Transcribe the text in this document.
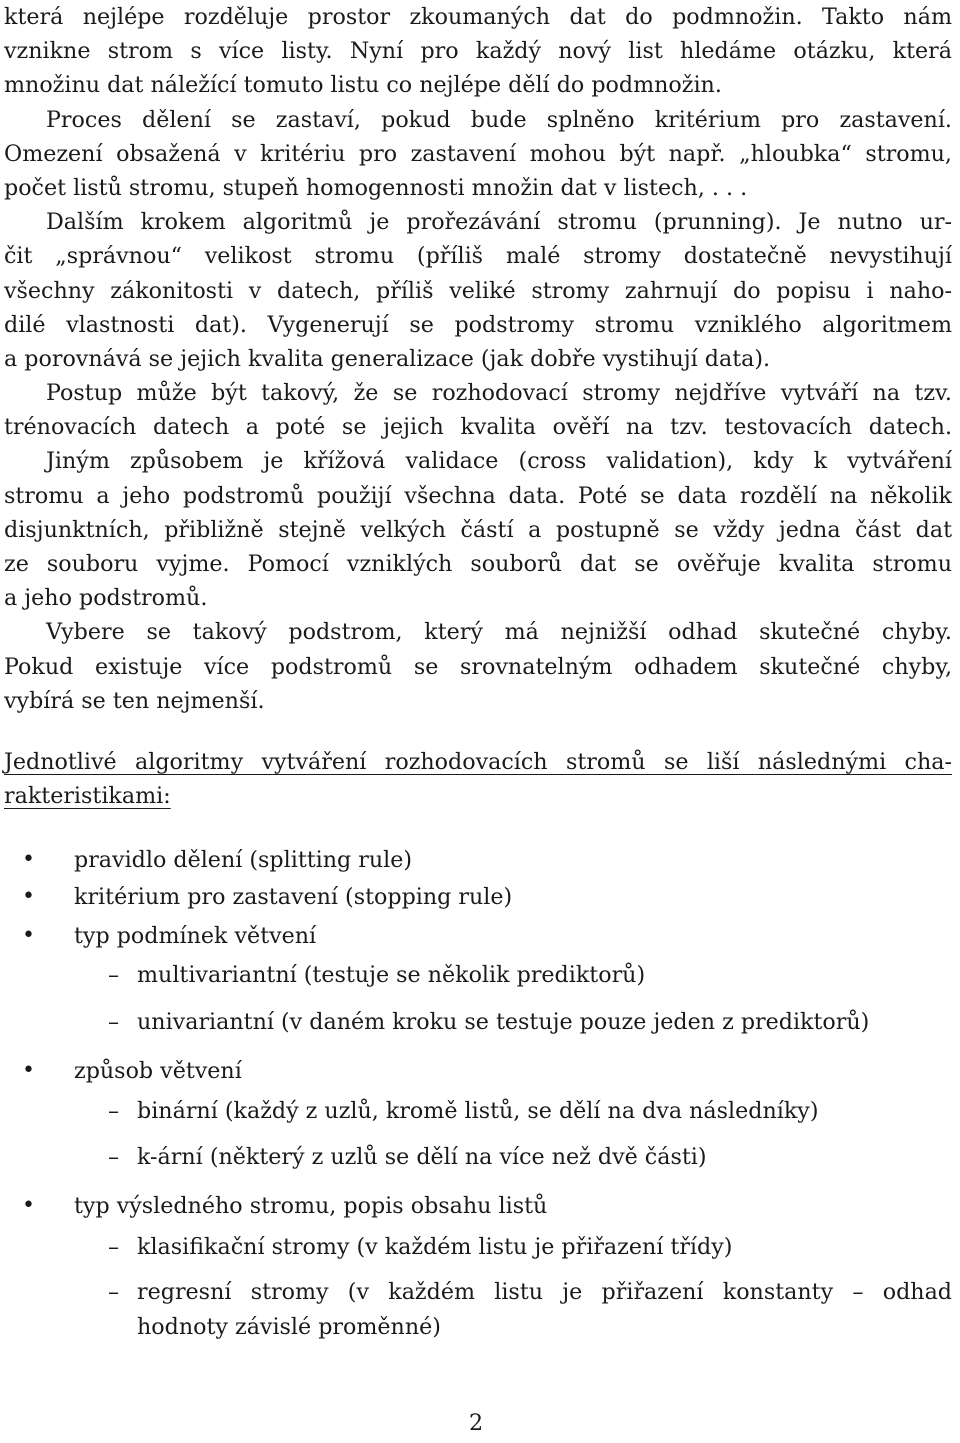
která nejlépe rozděluje prostor zkoumaných dat do podmnožin. Takto nám
vznikne strom s více listy. Nyní pro každý nový list hledáme otázku, která
množinu dat náležící tomuto listu co nejlépe dělí do podmnožin.
Proces dělení se zastaví, pokud bude splněno kritérium pro zastavení.
Omezení obsažená v kritériu pro zastavení mohou být např. „hloubka“ stromu,
počet listů stromu, stupeň homogennosti množin dat v listech, . . .
Dalším krokem algoritmů je prořezávání stromu (prunning). Je nutno ur-
čit „správnou“ velikost stromu (příliš malé stromy dostatečně nevystihují
všechny zákonitosti v datech, příliš veliké stromy zahrnují do popisu i naho-
dilé vlastnosti dat). Vygenerují se podstromy stromu vzniklého algoritmem
a porovnává se jejich kvalita generalizace (jak dobře vystihují data).
Postup může být takový, že se rozhodovací stromy nejdříve vytváří na tzv.
trénovacích datech a poté se jejich kvalita ověří na tzv. testovacích datech.
Jiným způsobem je křížová validace (cross validation), kdy k vytváření
stromu a jeho podstromů použijí všechna data. Poté se data rozdělí na několik
disjunktních, přibližně stejně velkých částí a postupně se vždy jedna část dat
ze souboru vyjme. Pomocí vzniklých souborů dat se ověřuje kvalita stromu
a jeho podstromů.
Vybere se takový podstrom, který má nejnižší odhad skutečné chyby.
Pokud existuje více podstromů se srovnatelným odhadem skutečné chyby,
vybírá se ten nejmenší.
Jednotlivé algoritmy vytváření rozhodovacích stromů se liší následnými cha-
rakteristikami:
• pravidlo dělení (splitting rule)
• kritérium pro zastavení (stopping rule)
• typ podmínek větvení
– multivariantní (testuje se několik prediktorů)
– univariantní (v daném kroku se testuje pouze jeden z prediktorů)
• způsob větvení
– binární (každý z uzlů, kromě listů, se dělí na dva následníky)
– k-ární (některý z uzlů se dělí na více než dvě části)
• typ výsledného stromu, popis obsahu listů
– klasifikační stromy (v každém listu je přiřazení třídy)
– regresní stromy (v každém listu je přiřazení konstanty – odhad
hodnoty závislé proměnné)
2
